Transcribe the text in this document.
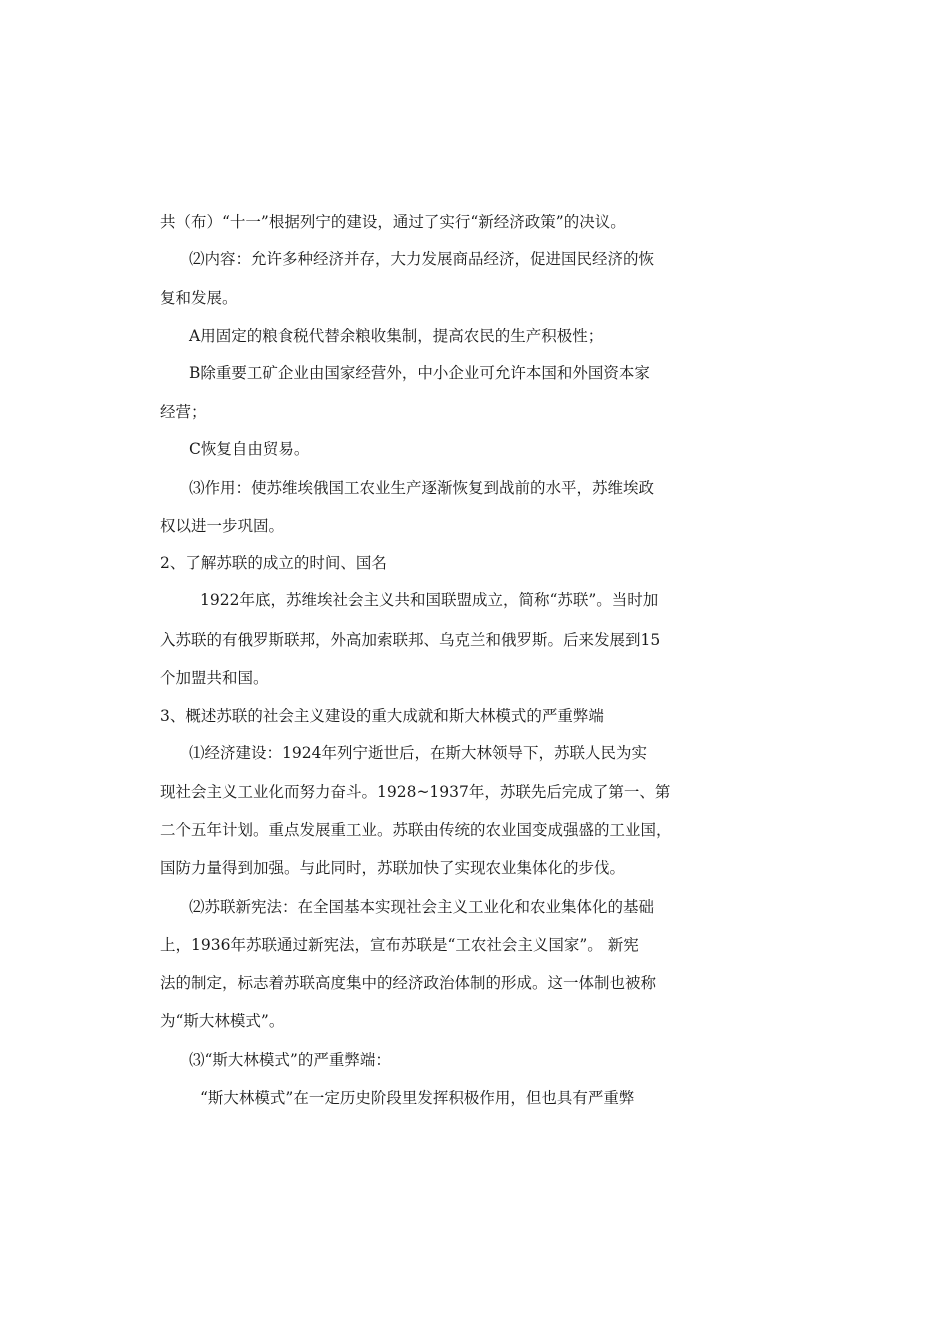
共（布）“十一”根据列宁的建设，通过了实行“新经济政策”的决议。
⑵内容：允许多种经济并存，大力发展商品经济，促进国民经济的恢
复和发展。
A用固定的粮食税代替余粮收集制，提高农民的生产积极性；
B除重要工矿企业由国家经营外，中小企业可允许本国和外国资本家
经营；
C恢复自由贸易。
⑶作用：使苏维埃俄国工农业生产逐渐恢复到战前的水平，苏维埃政
权以进一步巩固。
2、了解苏联的成立的时间、国名
1922年底，苏维埃社会主义共和国联盟成立，简称“苏联”。当时加
入苏联的有俄罗斯联邦，外高加索联邦、乌克兰和俄罗斯。后来发展到15
个加盟共和国。
3、概述苏联的社会主义建设的重大成就和斯大林模式的严重弊端
⑴经济建设：1924年列宁逝世后，在斯大林领导下，苏联人民为实
现社会主义工业化而努力奋斗。1928~1937年，苏联先后完成了第一、第
二个五年计划。重点发展重工业。苏联由传统的农业国变成强盛的工业国，
国防力量得到加强。与此同时，苏联加快了实现农业集体化的步伐。
⑵苏联新宪法：在全国基本实现社会主义工业化和农业集体化的基础
上，1936年苏联通过新宪法，宣布苏联是“工农社会主义国家”。 新宪
法的制定，标志着苏联高度集中的经济政治体制的形成。这一体制也被称
为“斯大林模式”。
⑶“斯大林模式”的严重弊端：
“斯大林模式”在一定历史阶段里发挥积极作用，但也具有严重弊
